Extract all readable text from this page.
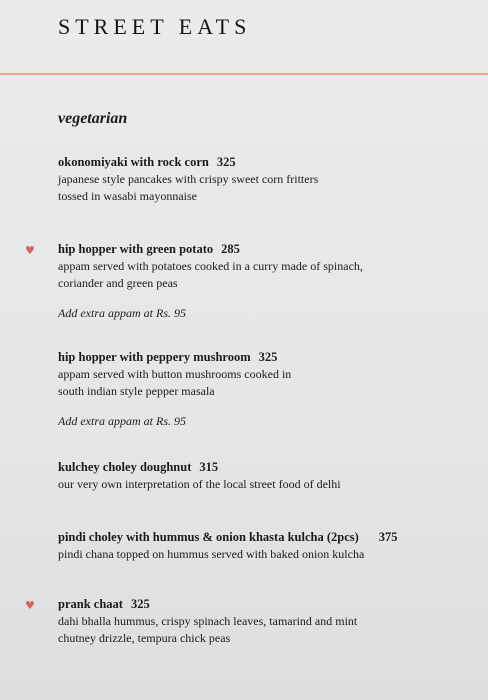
STREET EATS
vegetarian
okonomiyaki with rock corn 325
japanese style pancakes with crispy sweet corn fritters
tossed in wasabi mayonnaise
♥ hip hopper with green potato 285
appam served with potatoes cooked in a curry made of spinach,
coriander and green peas
Add extra appam at Rs. 95
hip hopper with peppery mushroom 325
appam served with button mushrooms cooked in
south indian style pepper masala
Add extra appam at Rs. 95
kulchey choley doughnut 315
our very own interpretation of the local street food of delhi
pindi choley with hummus & onion khasta kulcha (2pcs) 375
pindi chana topped on hummus served with baked onion kulcha
♥ prank chaat 325
dahi bhalla hummus, crispy spinach leaves, tamarind and mint
chutney drizzle, tempura chick peas
